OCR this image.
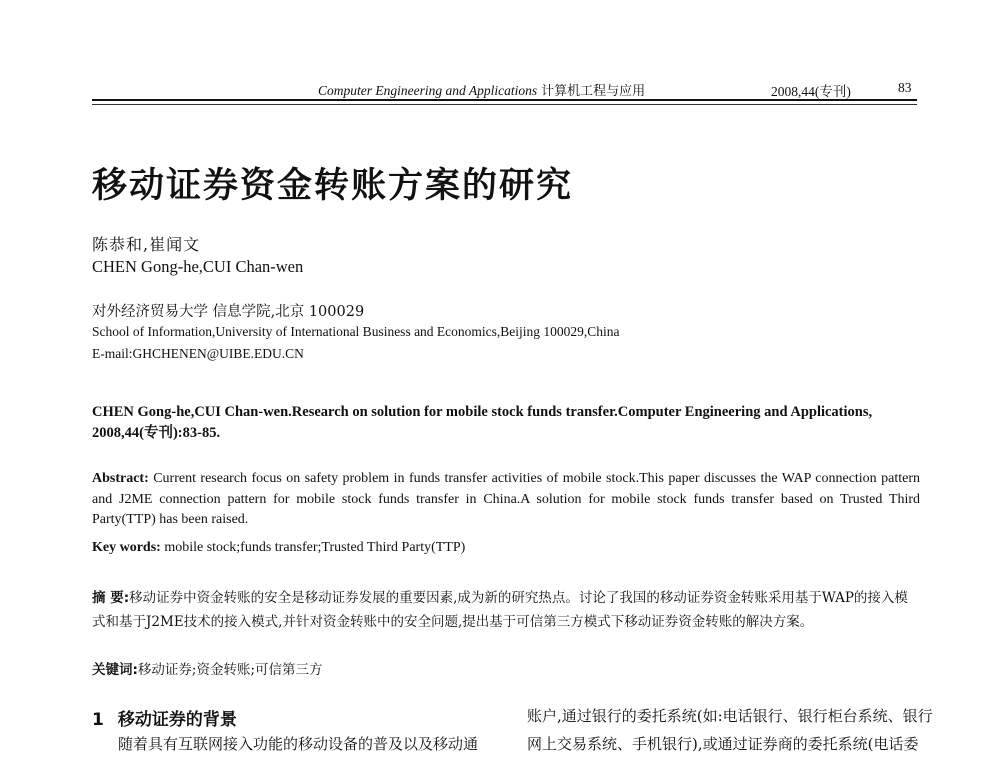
Computer Engineering and Applications 计算机工程与应用	2008,44(专刊)	83
移动证券资金转账方案的研究
陈恭和,崔闻文
CHEN Gong-he,CUI Chan-wen
对外经济贸易大学 信息学院,北京 100029
School of Information,University of International Business and Economics,Beijing 100029,China
E-mail:GHCHENEN@UIBE.EDU.CN
CHEN Gong-he,CUI Chan-wen.Research on solution for mobile stock funds transfer.Computer Engineering and Applications, 2008,44(专刊):83-85.
Abstract: Current research focus on safety problem in funds transfer activities of mobile stock.This paper discusses the WAP connection pattern and J2ME connection pattern for mobile stock funds transfer in China.A solution for mobile stock funds transfer based on Trusted Third Party(TTP) has been raised.
Key words: mobile stock;funds transfer;Trusted Third Party(TTP)
摘 要:移动证券中资金转账的安全是移动证券发展的重要因素,成为新的研究热点。讨论了我国的移动证券资金转账采用基于WAP的接入模式和基于J2ME技术的接入模式,并针对资金转账中的安全问题,提出基于可信第三方模式下移动证券资金转账的解决方案。
关键词:移动证券;资金转账;可信第三方
1 移动证券的背景
随着具有互联网接入功能的移动设备的普及以及移动通
账户,通过银行的委托系统(如:电话银行、银行柜台系统、银行
网上交易系统、手机银行),或通过证券商的委托系统(电话委
